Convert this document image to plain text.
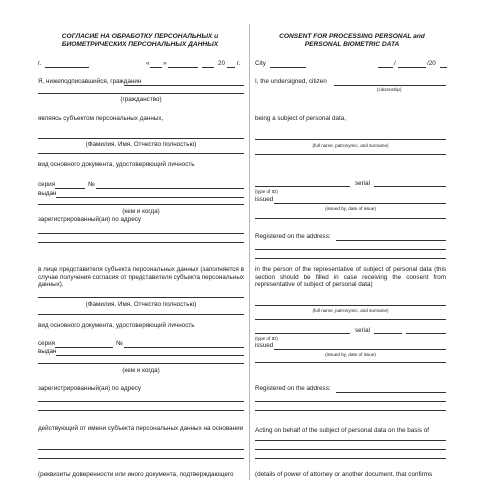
СОГЛАСИЕ НА ОБРАБОТКУ ПЕРСОНАЛЬНЫХ и
БИОМЕТРИЧЕСКИХ ПЕРСОНАЛЬНЫХ ДАННЫХ
г.	« »	20 г.
Я, нижеподписавшийся, гражданин
(гражданство)
являясь субъектом персональных данных,
(Фамилия, Имя, Отчество полностью)
вид основного документа, удостоверяющий личность
серия	№
выдан
(кем и когда)
зарегистрированный(ая) по адресу
в лице представителя субъекта персональных данных (заполняется в случае получения согласия от представителя субъекта персональных данных),
(Фамилия, Имя, Отчество полностью)
вид основного документа, удостоверяющий личность
серия	№
выдан
(кем и когда)
зарегистрированный(ая) по адресу
действующий от имени субъекта персональных данных на основании
(реквизиты доверенности или иного документа, подтверждающего
CONSENT FOR PROCESSING PERSONAL and
PERSONAL BIOMETRIC DATA
City	/	/20
I, the undersigned, citizen
(citizenship)
being a subject of personal data,
(full name, patronymic, and surname)
serial
(type of ID)
issued
(issued by, date of issue)
Registered on the address:
in the person of the representative of subject of personal data (this section should be filled in case receiving the consent from representative of subject of personal data)
(full name, patronymic, and surname)
serial
(type of ID)
issued
(issued by, date of issue)
Registered on the address:
Acting on behalf of the subject of personal data on the basis of
(details of power of attorney or another document, that confirms
